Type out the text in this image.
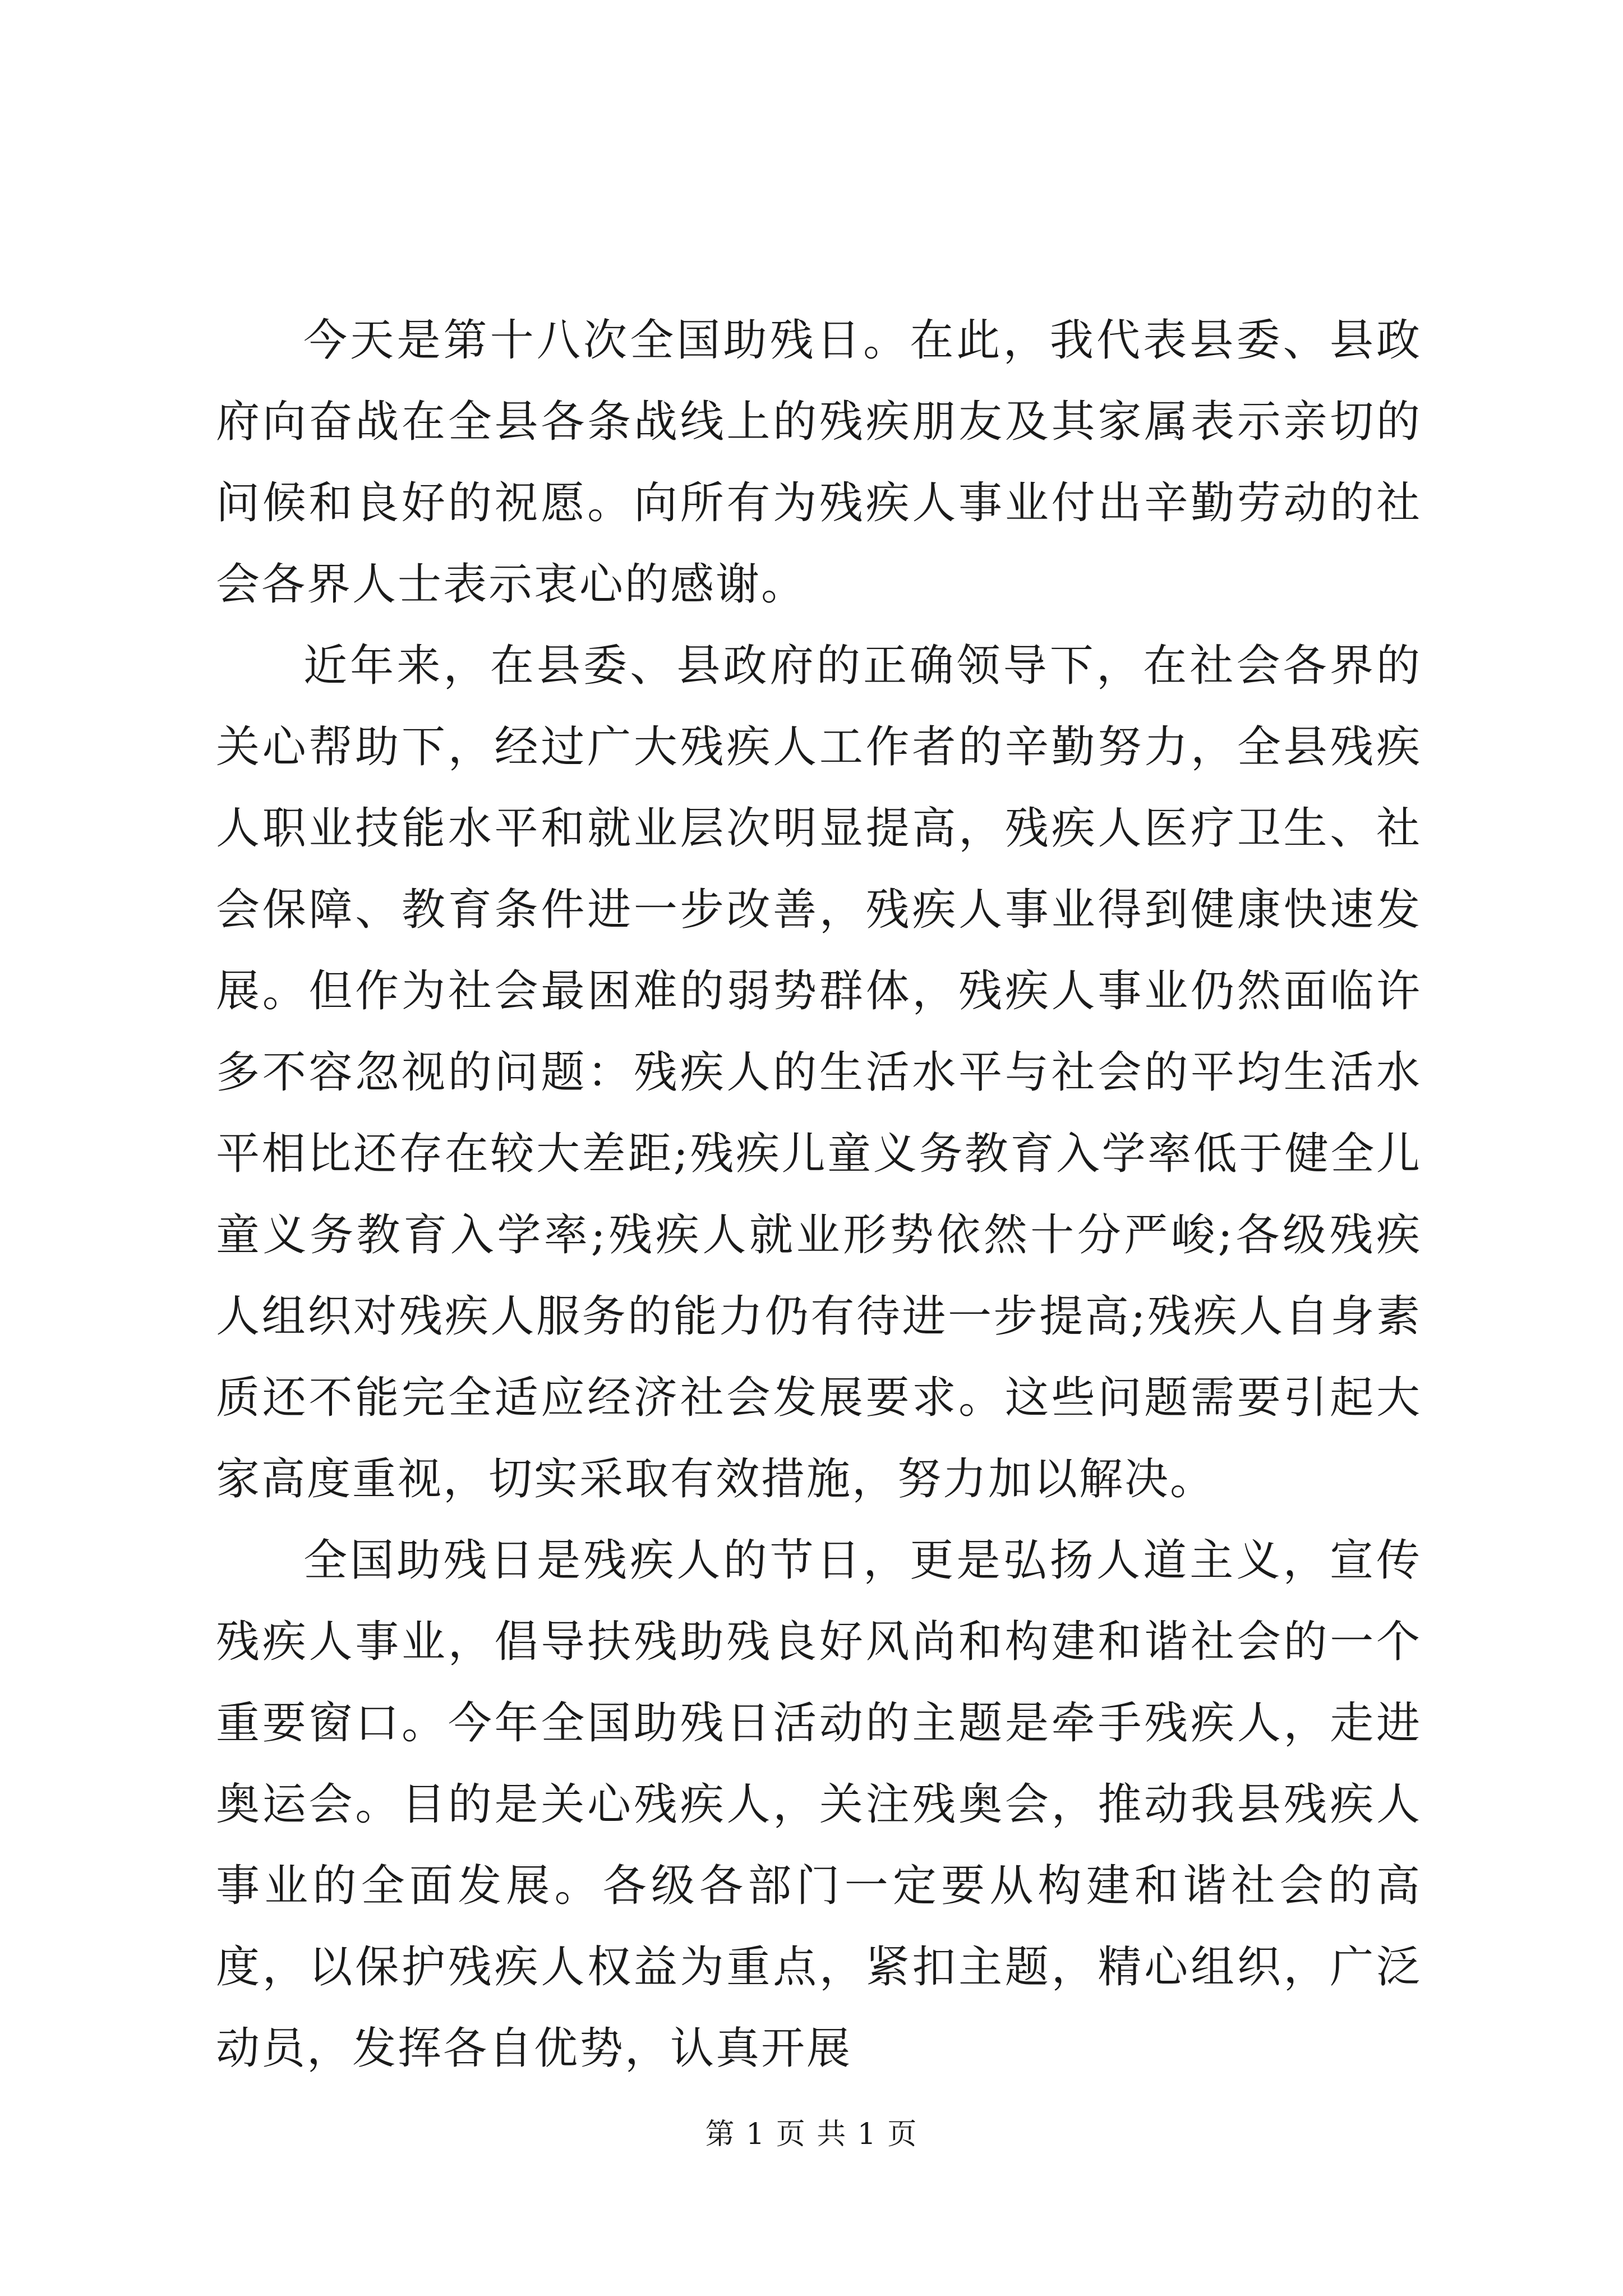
今天是第十八次全国助残日。在此，我代表县委、县政府向奋战在全县各条战线上的残疾朋友及其家属表示亲切的问候和良好的祝愿。向所有为残疾人事业付出辛勤劳动的社会各界人士表示衷心的感谢。

近年来，在县委、县政府的正确领导下，在社会各界的关心帮助下，经过广大残疾人工作者的辛勤努力，全县残疾人职业技能水平和就业层次明显提高，残疾人医疗卫生、社会保障、教育条件进一步改善，残疾人事业得到健康快速发展。但作为社会最困难的弱势群体，残疾人事业仍然面临许多不容忽视的问题：残疾人的生活水平与社会的平均生活水平相比还存在较大差距;残疾儿童义务教育入学率低于健全儿童义务教育入学率;残疾人就业形势依然十分严峻;各级残疾人组织对残疾人服务的能力仍有待进一步提高;残疾人自身素质还不能完全适应经济社会发展要求。这些问题需要引起大家高度重视，切实采取有效措施，努力加以解决。

全国助残日是残疾人的节日，更是弘扬人道主义，宣传残疾人事业，倡导扶残助残良好风尚和构建和谐社会的一个重要窗口。今年全国助残日活动的主题是牵手残疾人，走进奥运会。目的是关心残疾人，关注残奥会，推动我县残疾人事业的全面发展。各级各部门一定要从构建和谐社会的高度，以保护残疾人权益为重点，紧扣主题，精心组织，广泛动员，发挥各自优势，认真开展

第 1 页 共 1 页
